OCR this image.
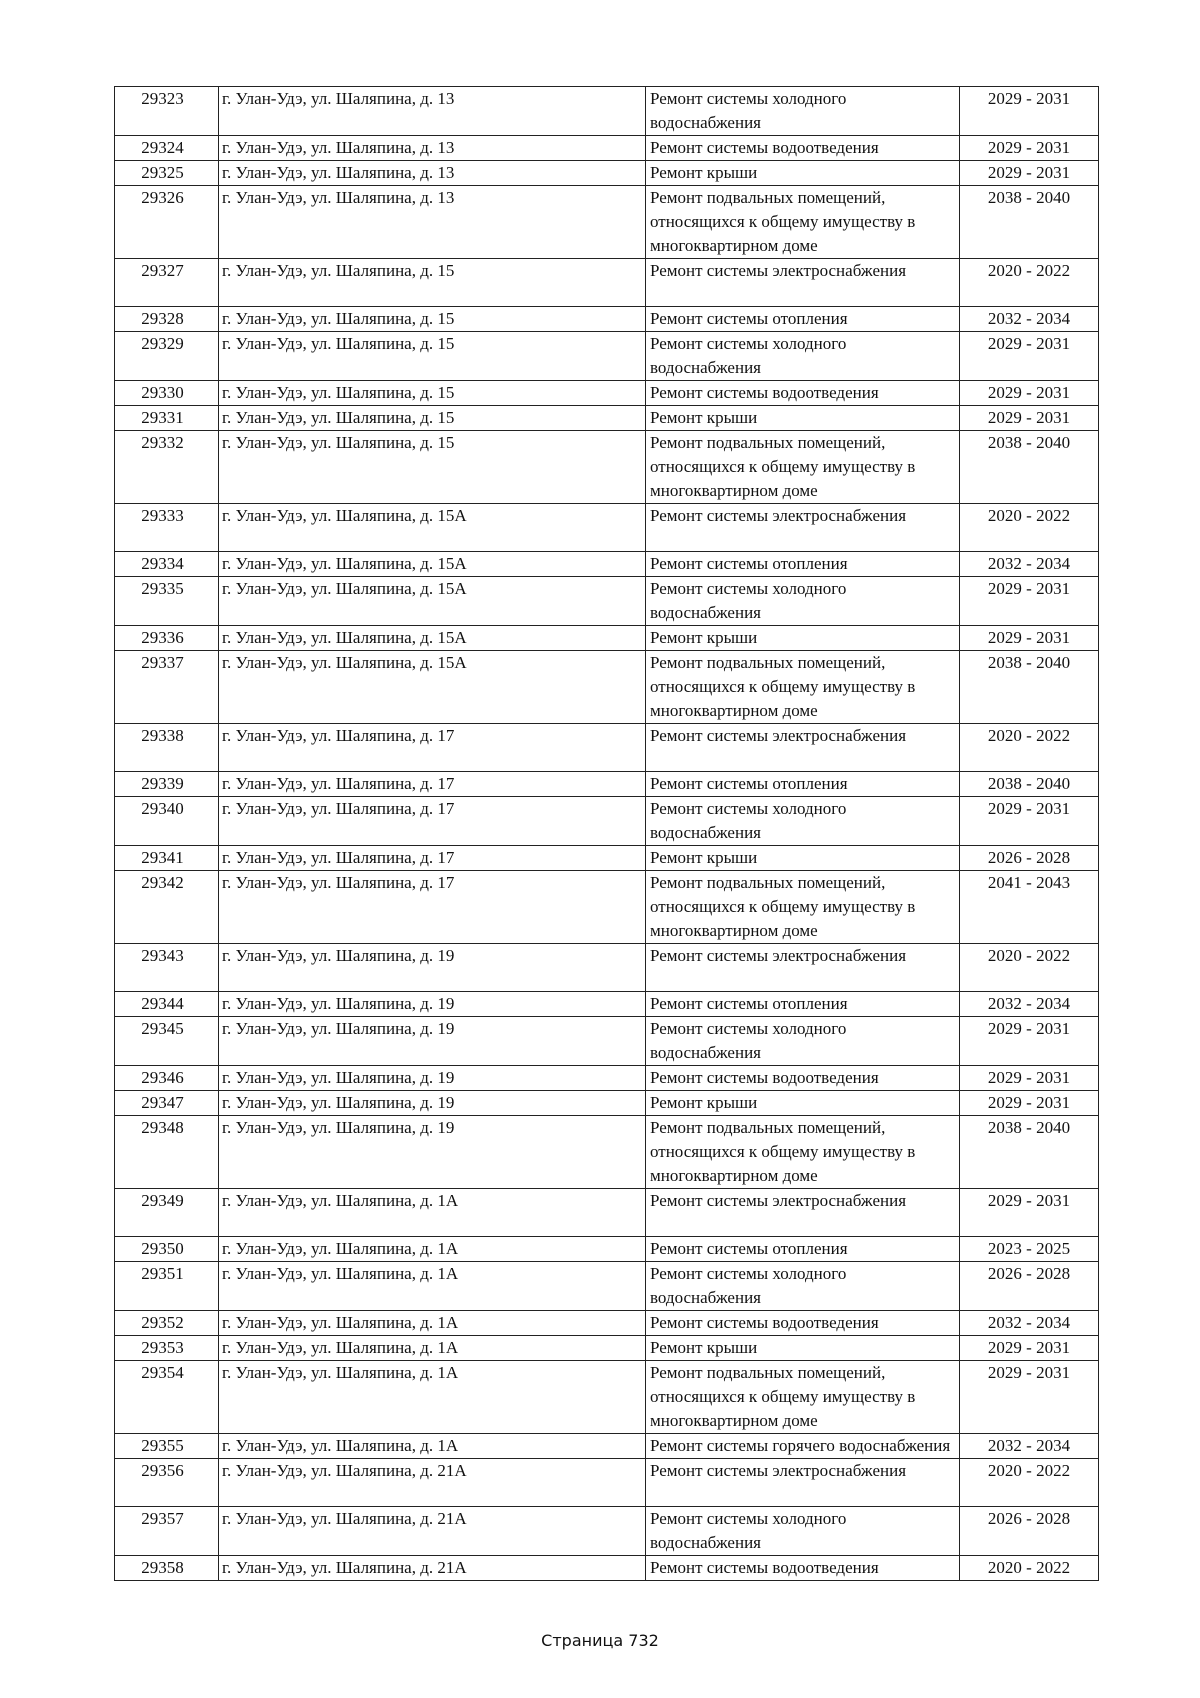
29323	г. Улан-Удэ, ул. Шаляпина, д. 13	Ремонт системы холодного водоснабжения	2029 - 2031
29324	г. Улан-Удэ, ул. Шаляпина, д. 13	Ремонт системы водоотведения	2029 - 2031
29325	г. Улан-Удэ, ул. Шаляпина, д. 13	Ремонт крыши	2029 - 2031
29326	г. Улан-Удэ, ул. Шаляпина, д. 13	Ремонт подвальных помещений, относящихся к общему имуществу в многоквартирном доме	2038 - 2040
29327	г. Улан-Удэ, ул. Шаляпина, д. 15	Ремонт системы электроснабжения	2020 - 2022
29328	г. Улан-Удэ, ул. Шаляпина, д. 15	Ремонт системы отопления	2032 - 2034
29329	г. Улан-Удэ, ул. Шаляпина, д. 15	Ремонт системы холодного водоснабжения	2029 - 2031
29330	г. Улан-Удэ, ул. Шаляпина, д. 15	Ремонт системы водоотведения	2029 - 2031
29331	г. Улан-Удэ, ул. Шаляпина, д. 15	Ремонт крыши	2029 - 2031
29332	г. Улан-Удэ, ул. Шаляпина, д. 15	Ремонт подвальных помещений, относящихся к общему имуществу в многоквартирном доме	2038 - 2040
29333	г. Улан-Удэ, ул. Шаляпина, д. 15А	Ремонт системы электроснабжения	2020 - 2022
29334	г. Улан-Удэ, ул. Шаляпина, д. 15А	Ремонт системы отопления	2032 - 2034
29335	г. Улан-Удэ, ул. Шаляпина, д. 15А	Ремонт системы холодного водоснабжения	2029 - 2031
29336	г. Улан-Удэ, ул. Шаляпина, д. 15А	Ремонт крыши	2029 - 2031
29337	г. Улан-Удэ, ул. Шаляпина, д. 15А	Ремонт подвальных помещений, относящихся к общему имуществу в многоквартирном доме	2038 - 2040
29338	г. Улан-Удэ, ул. Шаляпина, д. 17	Ремонт системы электроснабжения	2020 - 2022
29339	г. Улан-Удэ, ул. Шаляпина, д. 17	Ремонт системы отопления	2038 - 2040
29340	г. Улан-Удэ, ул. Шаляпина, д. 17	Ремонт системы холодного водоснабжения	2029 - 2031
29341	г. Улан-Удэ, ул. Шаляпина, д. 17	Ремонт крыши	2026 - 2028
29342	г. Улан-Удэ, ул. Шаляпина, д. 17	Ремонт подвальных помещений, относящихся к общему имуществу в многоквартирном доме	2041 - 2043
29343	г. Улан-Удэ, ул. Шаляпина, д. 19	Ремонт системы электроснабжения	2020 - 2022
29344	г. Улан-Удэ, ул. Шаляпина, д. 19	Ремонт системы отопления	2032 - 2034
29345	г. Улан-Удэ, ул. Шаляпина, д. 19	Ремонт системы холодного водоснабжения	2029 - 2031
29346	г. Улан-Удэ, ул. Шаляпина, д. 19	Ремонт системы водоотведения	2029 - 2031
29347	г. Улан-Удэ, ул. Шаляпина, д. 19	Ремонт крыши	2029 - 2031
29348	г. Улан-Удэ, ул. Шаляпина, д. 19	Ремонт подвальных помещений, относящихся к общему имуществу в многоквартирном доме	2038 - 2040
29349	г. Улан-Удэ, ул. Шаляпина, д. 1А	Ремонт системы электроснабжения	2029 - 2031
29350	г. Улан-Удэ, ул. Шаляпина, д. 1А	Ремонт системы отопления	2023 - 2025
29351	г. Улан-Удэ, ул. Шаляпина, д. 1А	Ремонт системы холодного водоснабжения	2026 - 2028
29352	г. Улан-Удэ, ул. Шаляпина, д. 1А	Ремонт системы водоотведения	2032 - 2034
29353	г. Улан-Удэ, ул. Шаляпина, д. 1А	Ремонт крыши	2029 - 2031
29354	г. Улан-Удэ, ул. Шаляпина, д. 1А	Ремонт подвальных помещений, относящихся к общему имуществу в многоквартирном доме	2029 - 2031
29355	г. Улан-Удэ, ул. Шаляпина, д. 1А	Ремонт системы горячего водоснабжения	2032 - 2034
29356	г. Улан-Удэ, ул. Шаляпина, д. 21А	Ремонт системы электроснабжения	2020 - 2022
29357	г. Улан-Удэ, ул. Шаляпина, д. 21А	Ремонт системы холодного водоснабжения	2026 - 2028
29358	г. Улан-Удэ, ул. Шаляпина, д. 21А	Ремонт системы водоотведения	2020 - 2022
Страница 732
